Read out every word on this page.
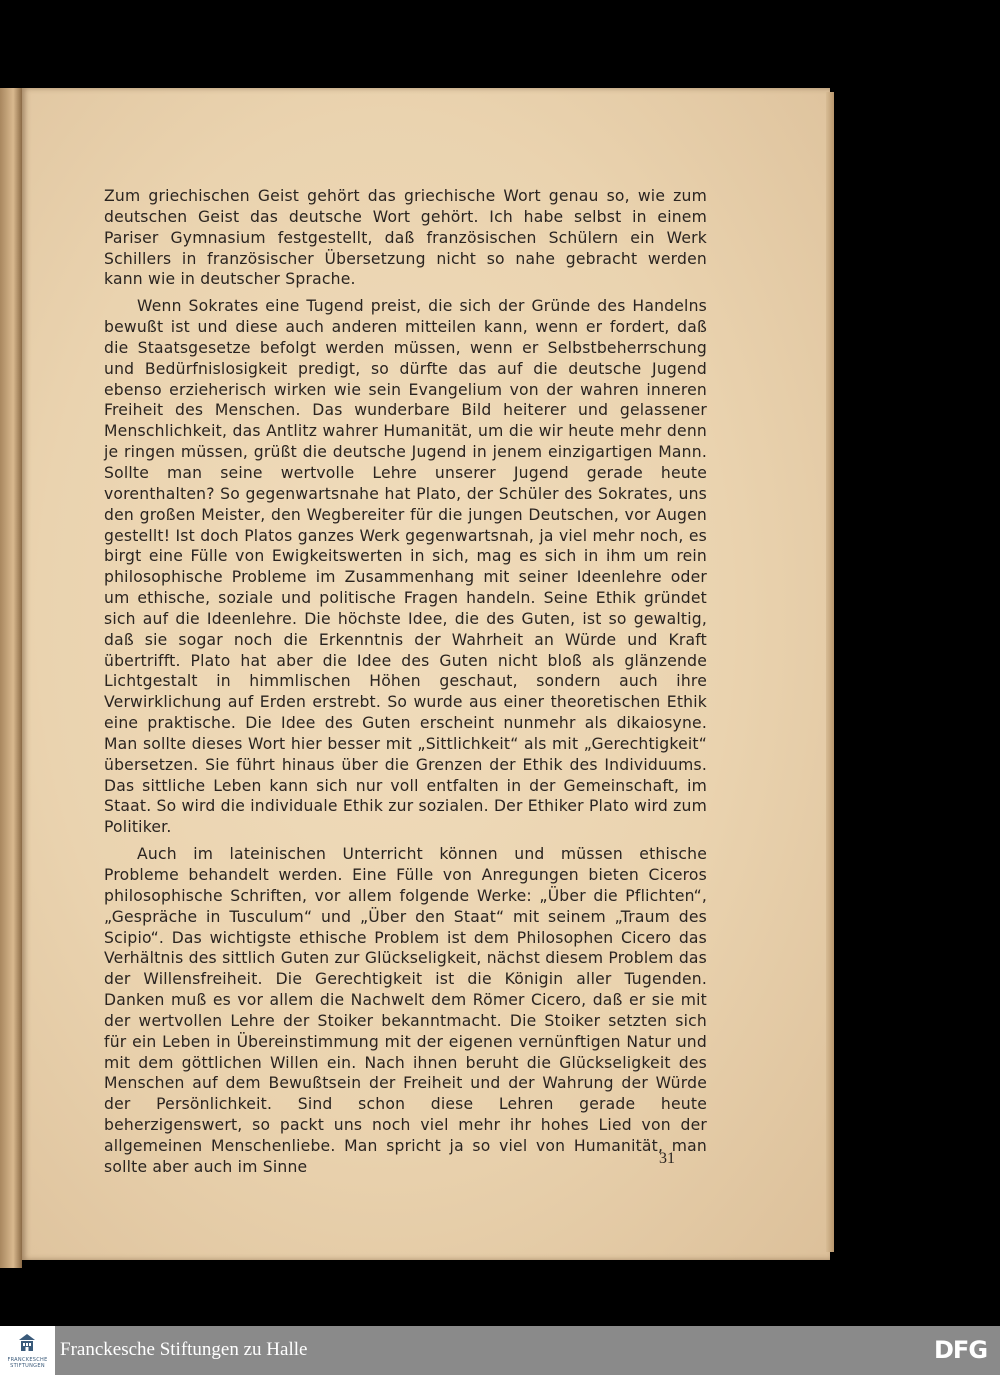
Zum griechischen Geist gehört das griechische Wort genau so, wie zum deutschen Geist das deutsche Wort gehört. Ich habe selbst in einem Pariser Gymnasium festgestellt, daß französischen Schülern ein Werk Schillers in französischer Übersetzung nicht so nahe gebracht werden kann wie in deutscher Sprache.

Wenn Sokrates eine Tugend preist, die sich der Gründe des Handelns bewußt ist und diese auch anderen mitteilen kann, wenn er fordert, daß die Staatsgesetze befolgt werden müssen, wenn er Selbstbeherrschung und Bedürfnislosigkeit predigt, so dürfte das auf die deutsche Jugend ebenso erzieherisch wirken wie sein Evangelium von der wahren inneren Freiheit des Menschen. Das wunderbare Bild heiterer und gelassener Menschlichkeit, das Antlitz wahrer Humanität, um die wir heute mehr denn je ringen müssen, grüßt die deutsche Jugend in jenem einzigartigen Mann. Sollte man seine wertvolle Lehre unserer Jugend gerade heute vorenthalten? So gegenwartsnahe hat Plato, der Schüler des Sokrates, uns den großen Meister, den Wegbereiter für die jungen Deutschen, vor Augen gestellt! Ist doch Platos ganzes Werk gegenwartsnah, ja viel mehr noch, es birgt eine Fülle von Ewigkeitswerten in sich, mag es sich in ihm um rein philosophische Probleme im Zusammenhang mit seiner Ideenlehre oder um ethische, soziale und politische Fragen handeln. Seine Ethik gründet sich auf die Ideenlehre. Die höchste Idee, die des Guten, ist so gewaltig, daß sie sogar noch die Erkenntnis der Wahrheit an Würde und Kraft übertrifft. Plato hat aber die Idee des Guten nicht bloß als glänzende Lichtgestalt in himmlischen Höhen geschaut, sondern auch ihre Verwirklichung auf Erden erstrebt. So wurde aus einer theoretischen Ethik eine praktische. Die Idee des Guten erscheint nunmehr als dikaiosyne. Man sollte dieses Wort hier besser mit „Sittlichkeit“ als mit „Gerechtigkeit“ übersetzen. Sie führt hinaus über die Grenzen der Ethik des Individuums. Das sittliche Leben kann sich nur voll entfalten in der Gemeinschaft, im Staat. So wird die individuale Ethik zur sozialen. Der Ethiker Plato wird zum Politiker.

Auch im lateinischen Unterricht können und müssen ethische Probleme behandelt werden. Eine Fülle von Anregungen bieten Ciceros philosophische Schriften, vor allem folgende Werke: „Über die Pflichten“, „Gespräche in Tusculum“ und „Über den Staat“ mit seinem „Traum des Scipio“. Das wichtigste ethische Problem ist dem Philosophen Cicero das Verhältnis des sittlich Guten zur Glückseligkeit, nächst diesem Problem das der Willensfreiheit. Die Gerechtigkeit ist die Königin aller Tugenden. Danken muß es vor allem die Nachwelt dem Römer Cicero, daß er sie mit der wertvollen Lehre der Stoiker bekanntmacht. Die Stoiker setzten sich für ein Leben in Übereinstimmung mit der eigenen vernünftigen Natur und mit dem göttlichen Willen ein. Nach ihnen beruht die Glückseligkeit des Menschen auf dem Bewußtsein der Freiheit und der Wahrung der Würde der Persönlichkeit. Sind schon diese Lehren gerade heute beherzigenswert, so packt uns noch viel mehr ihr hohes Lied von der allgemeinen Menschenliebe. Man spricht ja so viel von Humanität, man sollte aber auch im Sinne	31
FRANCKESCHE STIFTUNGEN
Franckesche Stiftungen zu Halle	DFG
